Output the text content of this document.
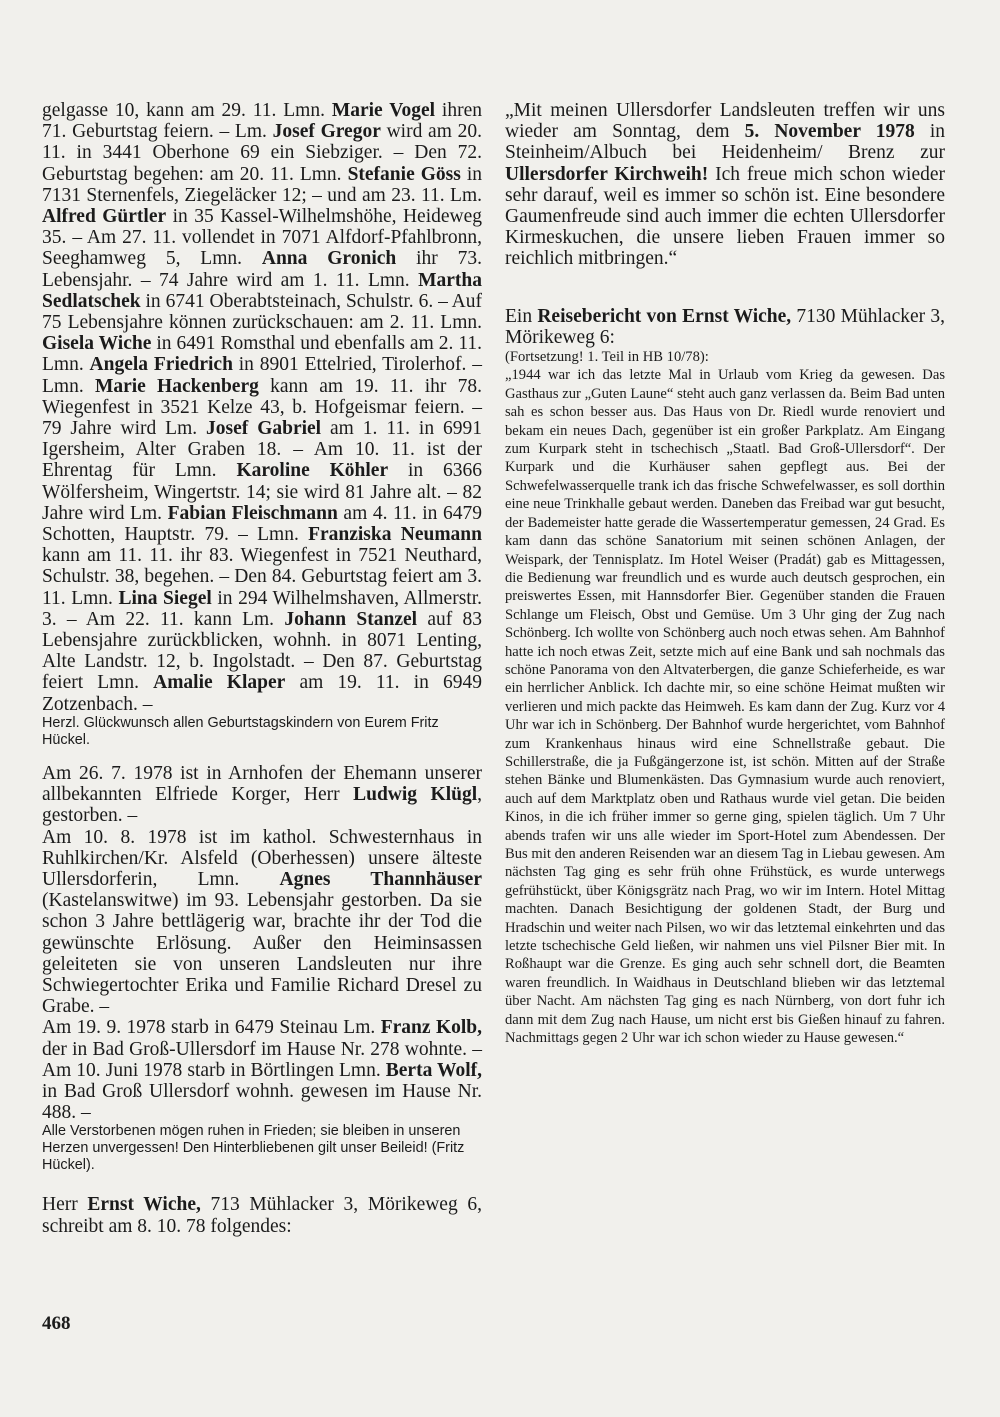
gelgasse 10, kann am 29. 11. Lmn. Marie Vogel ihren 71. Geburtstag feiern. – Lm. Josef Gregor wird am 20. 11. in 3441 Oberhone 69 ein Siebziger. – Den 72. Geburtstag begehen: am 20. 11. Lmn. Stefanie Göss in 7131 Sternenfels, Ziegeläcker 12; – und am 23. 11. Lm. Alfred Gürtler in 35 Kassel-Wilhelmshöhe, Heideweg 35. – Am 27. 11. vollendet in 7071 Alfdorf-Pfahlbronn, Seeghamweg 5, Lmn. Anna Gronich ihr 73. Lebensjahr. – 74 Jahre wird am 1. 11. Lmn. Martha Sedlatschek in 6741 Oberabtsteinach, Schulstr. 6. – Auf 75 Lebensjahre können zurückschauen: am 2. 11. Lmn. Gisela Wiche in 6491 Romsthal und ebenfalls am 2. 11. Lmn. Angela Friedrich in 8901 Ettelried, Tirolerhof. – Lmn. Marie Hackenberg kann am 19. 11. ihr 78. Wiegenfest in 3521 Kelze 43, b. Hofgeismar feiern. – 79 Jahre wird Lm. Josef Gabriel am 1. 11. in 6991 Igersheim, Alter Graben 18. – Am 10. 11. ist der Ehrentag für Lmn. Karoline Köhler in 6366 Wölfersheim, Wingertstr. 14; sie wird 81 Jahre alt. – 82 Jahre wird Lm. Fabian Fleischmann am 4. 11. in 6479 Schotten, Hauptstr. 79. – Lmn. Franziska Neumann kann am 11. 11. ihr 83. Wiegenfest in 7521 Neuthard, Schulstr. 38, begehen. – Den 84. Geburtstag feiert am 3. 11. Lmn. Lina Siegel in 294 Wilhelmshaven, Allmerstr. 3. – Am 22. 11. kann Lm. Johann Stanzel auf 83 Lebensjahre zurückblicken, wohnh. in 8071 Lenting, Alte Landstr. 12, b. Ingolstadt. – Den 87. Geburtstag feiert Lmn. Amalie Klaper am 19. 11. in 6949 Zotzenbach. –

Herzl. Glückwunsch allen Geburtstagskindern von Eurem Fritz Hückel.

Am 26. 7. 1978 ist in Arnhofen der Ehemann unserer allbekannten Elfriede Korger, Herr Ludwig Klügl, gestorben. –

Am 10. 8. 1978 ist im kathol. Schwesternhaus in Ruhlkirchen/Kr. Alsfeld (Oberhessen) unsere älteste Ullersdorferin, Lmn. Agnes Thannhäuser (Kastelanswitwe) im 93. Lebensjahr gestorben. Da sie schon 3 Jahre bettlägerig war, brachte ihr der Tod die gewünschte Erlösung. Außer den Heiminsassen geleiteten sie von unseren Landsleuten nur ihre Schwiegertochter Erika und Familie Richard Dresel zu Grabe. –

Am 19. 9. 1978 starb in 6479 Steinau Lm. Franz Kolb, der in Bad Groß-Ullersdorf im Hause Nr. 278 wohnte. – Am 10. Juni 1978 starb in Börtlingen Lmn. Berta Wolf, in Bad Groß Ullersdorf wohnh. gewesen im Hause Nr. 488. –

Alle Verstorbenen mögen ruhen in Frieden; sie bleiben in unseren Herzen unvergessen! Den Hinterbliebenen gilt unser Beileid! (Fritz Hückel).

Herr Ernst Wiche, 713 Mühlacker 3, Mörikeweg 6, schreibt am 8. 10. 78 folgendes:

„Mit meinen Ullersdorfer Landsleuten treffen wir uns wieder am Sonntag, dem 5. November 1978 in Steinheim/Albuch bei Heidenheim/ Brenz zur Ullersdorfer Kirchweih! Ich freue mich schon wieder sehr darauf, weil es immer so schön ist. Eine besondere Gaumenfreude sind auch immer die echten Ullersdorfer Kirmeskuchen, die unsere lieben Frauen immer so reichlich mitbringen.“

Ein Reisebericht von Ernst Wiche, 7130 Mühlacker 3, Mörikeweg 6:

(Fortsetzung! 1. Teil in HB 10/78):

„1944 war ich das letzte Mal in Urlaub vom Krieg da gewesen. Das Gasthaus zur „Guten Laune“ steht auch ganz verlassen da. Beim Bad unten sah es schon besser aus. Das Haus von Dr. Riedl wurde renoviert und bekam ein neues Dach, gegenüber ist ein großer Parkplatz. Am Eingang zum Kurpark steht in tschechisch „Staatl. Bad Groß-Ullersdorf“. Der Kurpark und die Kurhäuser sahen gepflegt aus. Bei der Schwefelwasserquelle trank ich das frische Schwefelwasser, es soll dorthin eine neue Trinkhalle gebaut werden. Daneben das Freibad war gut besucht, der Bademeister hatte gerade die Wassertemperatur gemessen, 24 Grad. Es kam dann das schöne Sanatorium mit seinen schönen Anlagen, der Weispark, der Tennisplatz. Im Hotel Weiser (Pradát) gab es Mittagessen, die Bedienung war freundlich und es wurde auch deutsch gesprochen, ein preiswertes Essen, mit Hannsdorfer Bier. Gegenüber standen die Frauen Schlange um Fleisch, Obst und Gemüse. Um 3 Uhr ging der Zug nach Schönberg. Ich wollte von Schönberg auch noch etwas sehen. Am Bahnhof hatte ich noch etwas Zeit, setzte mich auf eine Bank und sah nochmals das schöne Panorama von den Altvaterbergen, die ganze Schieferheide, es war ein herrlicher Anblick. Ich dachte mir, so eine schöne Heimat mußten wir verlieren und mich packte das Heimweh. Es kam dann der Zug. Kurz vor 4 Uhr war ich in Schönberg. Der Bahnhof wurde hergerichtet, vom Bahnhof zum Krankenhaus hinaus wird eine Schnellstraße gebaut. Die Schillerstraße, die ja Fußgängerzone ist, ist schön. Mitten auf der Straße stehen Bänke und Blumenkästen. Das Gymnasium wurde auch renoviert, auch auf dem Marktplatz oben und Rathaus wurde viel getan. Die beiden Kinos, in die ich früher immer so gerne ging, spielen täglich. Um 7 Uhr abends trafen wir uns alle wieder im Sport-Hotel zum Abendessen. Der Bus mit den anderen Reisenden war an diesem Tag in Liebau gewesen. Am nächsten Tag ging es sehr früh ohne Frühstück, es wurde unterwegs gefrühstückt, über Königsgrätz nach Prag, wo wir im Intern. Hotel Mittag machten. Danach Besichtigung der goldenen Stadt, der Burg und Hradschin und weiter nach Pilsen, wo wir das letztemal einkehrten und das letzte tschechische Geld ließen, wir nahmen uns viel Pilsner Bier mit. In Roßhaupt war die Grenze. Es ging auch sehr schnell dort, die Beamten waren freundlich. In Waidhaus in Deutschland blieben wir das letztemal über Nacht. Am nächsten Tag ging es nach Nürnberg, von dort fuhr ich dann mit dem Zug nach Hause, um nicht erst bis Gießen hinauf zu fahren. Nachmittags gegen 2 Uhr war ich schon wieder zu Hause gewesen.“

468
